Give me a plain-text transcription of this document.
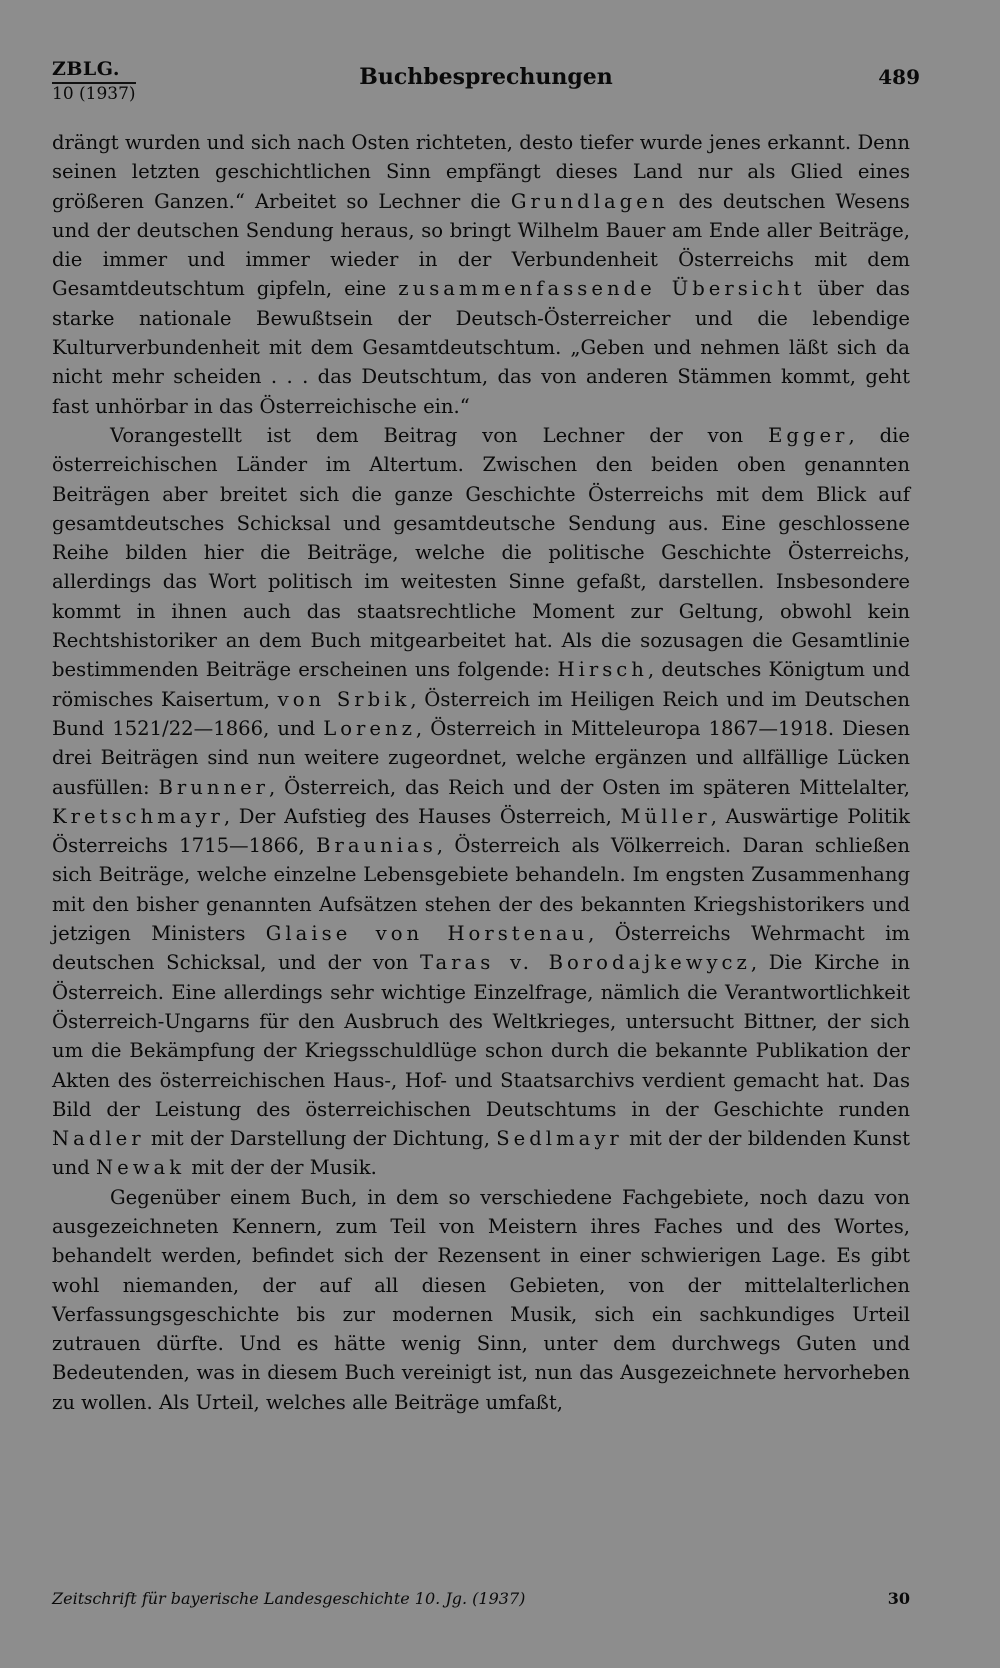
ZBLG.
10 (1937)
Buchbesprechungen	489

drängt wurden und sich nach Osten richteten, desto tiefer wurde jenes erkannt. Denn seinen letzten geschichtlichen Sinn empfängt dieses Land nur als Glied eines größeren Ganzen.“ Arbeitet so Lechner die Grundlagen des deutschen Wesens und der deutschen Sendung heraus, so bringt Wilhelm Bauer am Ende aller Beiträge, die immer und immer wieder in der Verbundenheit Österreichs mit dem Gesamtdeutschtum gipfeln, eine zusammenfassende Übersicht über das starke nationale Bewußtsein der Deutsch-Österreicher und die lebendige Kulturverbundenheit mit dem Gesamtdeutschtum. „Geben und nehmen läßt sich da nicht mehr scheiden . . . das Deutschtum, das von anderen Stämmen kommt, geht fast unhörbar in das Österreichische ein.“

Vorangestellt ist dem Beitrag von Lechner der von Egger, die österreichischen Länder im Altertum. Zwischen den beiden oben genannten Beiträgen aber breitet sich die ganze Geschichte Österreichs mit dem Blick auf gesamtdeutsches Schicksal und gesamtdeutsche Sendung aus. Eine geschlossene Reihe bilden hier die Beiträge, welche die politische Geschichte Österreichs, allerdings das Wort politisch im weitesten Sinne gefaßt, darstellen. Insbesondere kommt in ihnen auch das staatsrechtliche Moment zur Geltung, obwohl kein Rechtshistoriker an dem Buch mitgearbeitet hat. Als die sozusagen die Gesamtlinie bestimmenden Beiträge erscheinen uns folgende: Hirsch, deutsches Königtum und römisches Kaisertum, von Srbik, Österreich im Heiligen Reich und im Deutschen Bund 1521/22—1866, und Lorenz, Österreich in Mitteleuropa 1867—1918. Diesen drei Beiträgen sind nun weitere zugeordnet, welche ergänzen und allfällige Lücken ausfüllen: Brunner, Österreich, das Reich und der Osten im späteren Mittelalter, Kretschmayr, Der Aufstieg des Hauses Österreich, Müller, Auswärtige Politik Österreichs 1715—1866, Braunias, Österreich als Völkerreich. Daran schließen sich Beiträge, welche einzelne Lebensgebiete behandeln. Im engsten Zusammenhang mit den bisher genannten Aufsätzen stehen der des bekannten Kriegshistorikers und jetzigen Ministers Glaise von Horstenau, Österreichs Wehrmacht im deutschen Schicksal, und der von Taras v. Borodajkewycz, Die Kirche in Österreich. Eine allerdings sehr wichtige Einzelfrage, nämlich die Verantwortlichkeit Österreich-Ungarns für den Ausbruch des Weltkrieges, untersucht Bittner, der sich um die Bekämpfung der Kriegsschuldlüge schon durch die bekannte Publikation der Akten des österreichischen Haus-, Hof- und Staatsarchivs verdient gemacht hat. Das Bild der Leistung des österreichischen Deutschtums in der Geschichte runden Nadler mit der Darstellung der Dichtung, Sedlmayr mit der der bildenden Kunst und Newak mit der der Musik.

Gegenüber einem Buch, in dem so verschiedene Fachgebiete, noch dazu von ausgezeichneten Kennern, zum Teil von Meistern ihres Faches und des Wortes, behandelt werden, befindet sich der Rezensent in einer schwierigen Lage. Es gibt wohl niemanden, der auf all diesen Gebieten, von der mittelalterlichen Verfassungsgeschichte bis zur modernen Musik, sich ein sachkundiges Urteil zutrauen dürfte. Und es hätte wenig Sinn, unter dem durchwegs Guten und Bedeutenden, was in diesem Buch vereinigt ist, nun das Ausgezeichnete hervorheben zu wollen. Als Urteil, welches alle Beiträge umfaßt,

Zeitschrift für bayerische Landesgeschichte 10. Jg. (1937)	30
